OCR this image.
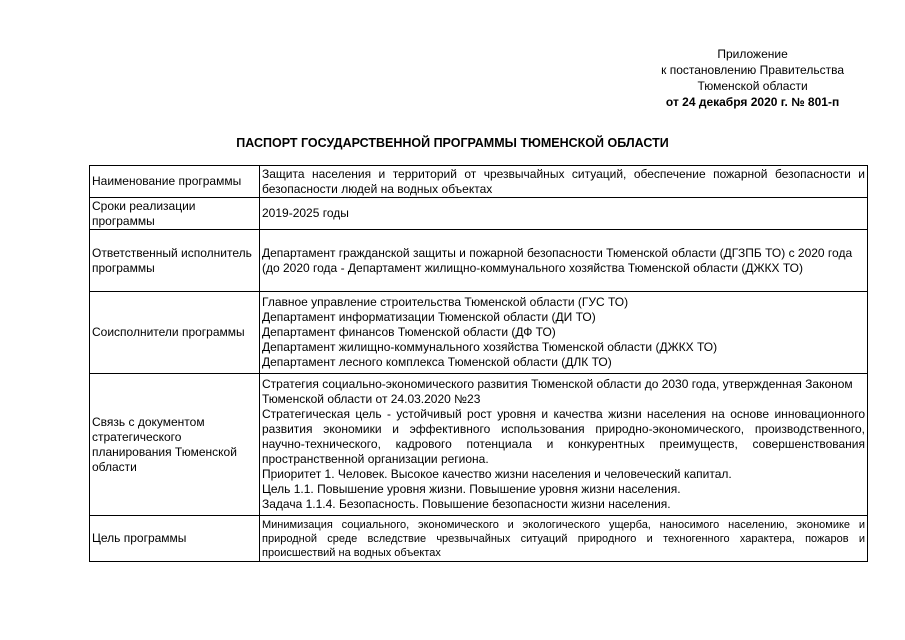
Приложение
к постановлению Правительства
Тюменской области
от 24 декабря 2020 г. № 801-п
ПАСПОРТ ГОСУДАРСТВЕННОЙ ПРОГРАММЫ ТЮМЕНСКОЙ ОБЛАСТИ
Наименование программы	Защита населения и территорий от чрезвычайных ситуаций, обеспечение пожарной безопасности и безопасности людей на водных объектах
Сроки реализации программы	2019-2025 годы
Ответственный исполнитель программы	Департамент гражданской защиты и пожарной безопасности Тюменской области (ДГЗПБ ТО) с 2020 года
(до 2020 года - Департамент жилищно-коммунального хозяйства Тюменской области (ДЖКХ ТО)

Соисполнители программы	Главное управление строительства Тюменской области (ГУС ТО)
Департамент информатизации Тюменской области (ДИ ТО)
Департамент финансов Тюменской области (ДФ ТО)
Департамент жилищно-коммунального хозяйства Тюменской области (ДЖКХ ТО)
Департамент лесного комплекса Тюменской области (ДЛК ТО)

Связь с документом стратегического планирования Тюменской области	Стратегия социально-экономического развития Тюменской области до 2030 года, утвержденная Законом Тюменской области от 24.03.2020 №23
Стратегическая цель - устойчивый рост уровня и качества жизни населения на основе инновационного развития экономики и эффективного использования природно-экономического, производственного, научно-технического, кадрового потенциала и конкурентных преимуществ, совершенствования пространственной организации региона.
Приоритет 1. Человек. Высокое качество жизни населения и человеческий капитал.
Цель 1.1. Повышение уровня жизни. Повышение уровня жизни населения.
Задача 1.1.4. Безопасность. Повышение безопасности жизни населения.

Цель программы	Минимизация социального, экономического и экологического ущерба, наносимого населению, экономике и природной среде вследствие чрезвычайных ситуаций природного и техногенного характера, пожаров и происшествий на водных объектах
